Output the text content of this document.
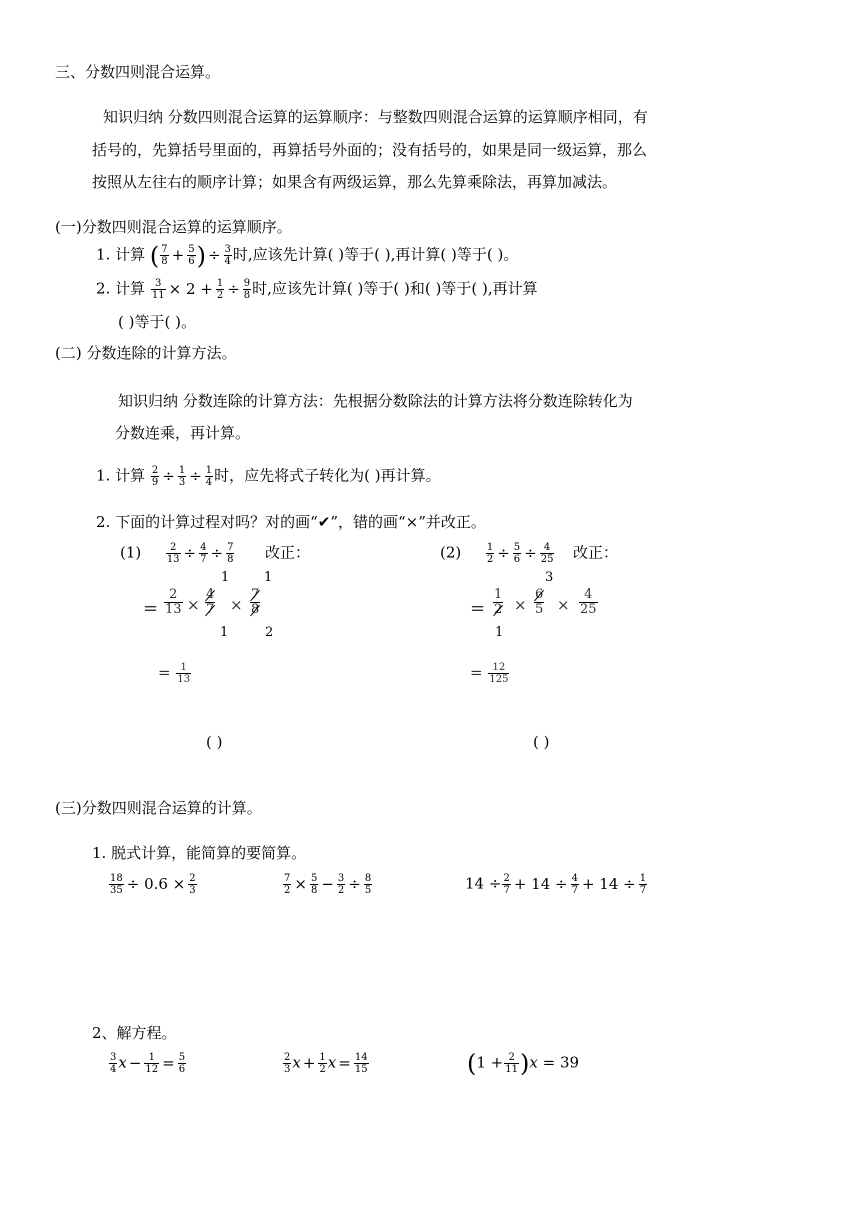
三、分数四则混合运算。
知识归纳 分数四则混合运算的运算顺序：与整数四则混合运算的运算顺序相同，有
括号的，先算括号里面的，再算括号外面的；没有括号的，如果是同一级运算，那么
按照从左往右的顺序计算；如果含有两级运算，那么先算乘除法，再算加减法。
(一)分数四则混合运算的运算顺序。
1. 计算 ( $\frac{7}{8} + \frac{5}{6}$ ) ÷ $\frac{3}{4}$ 时,应该先计算( )等于( ),再计算( )等于( )。
2. 计算 $\frac{3}{11} \times 2 + \frac{1}{2} \div \frac{9}{8}$ 时,应该先计算( )等于( )和( )等于( ),再计算
( )等于( )。
(二) 分数连除的计算方法。
知识归纳 分数连除的计算方法：先根据分数除法的计算方法将分数连除转化为
分数连乘，再计算。
1. 计算 $\frac{2}{9} \div \frac{1}{3} \div \frac{1}{4}$ 时，应先将式子转化为( )再计算。
2. 下面的计算过程对吗？对的画“✔”，错的画“×”并改正。
$(1) \frac{2}{13} \div \frac{4}{7} \div \frac{7}{8}$ 改正：
= $\frac{2}{13} \times \frac{4}{7} \times \frac{7}{8}$
1	1
1	2
= $\frac{1}{13}$
$(2) \frac{1}{2} \div \frac{5}{6} \div \frac{4}{25}$ 改正：
= $\frac{1}{2} \times \frac{6}{5} \times \frac{4}{25}$
3
1
= $\frac{12}{125}$
( )	( )
(三)分数四则混合运算的计算。
1. 脱式计算，能简算的要简算。
$\frac{18}{35} \div 0.6 \times \frac{2}{3}$	$\frac{7}{2} \times \frac{5}{8} - \frac{3}{2} \div \frac{8}{5}$	$14 \div \frac{2}{7} + 14 \div \frac{4}{7} + 14 \div \frac{1}{7}$
2、解方程。
$\frac{3}{4}$ $x - \frac{1}{12} = \frac{5}{6}$	$\frac{2}{3}$ $x + \frac{1}{2}$ $x = \frac{14}{15}$	$(1 + \frac{2}{11} )x = 39$
